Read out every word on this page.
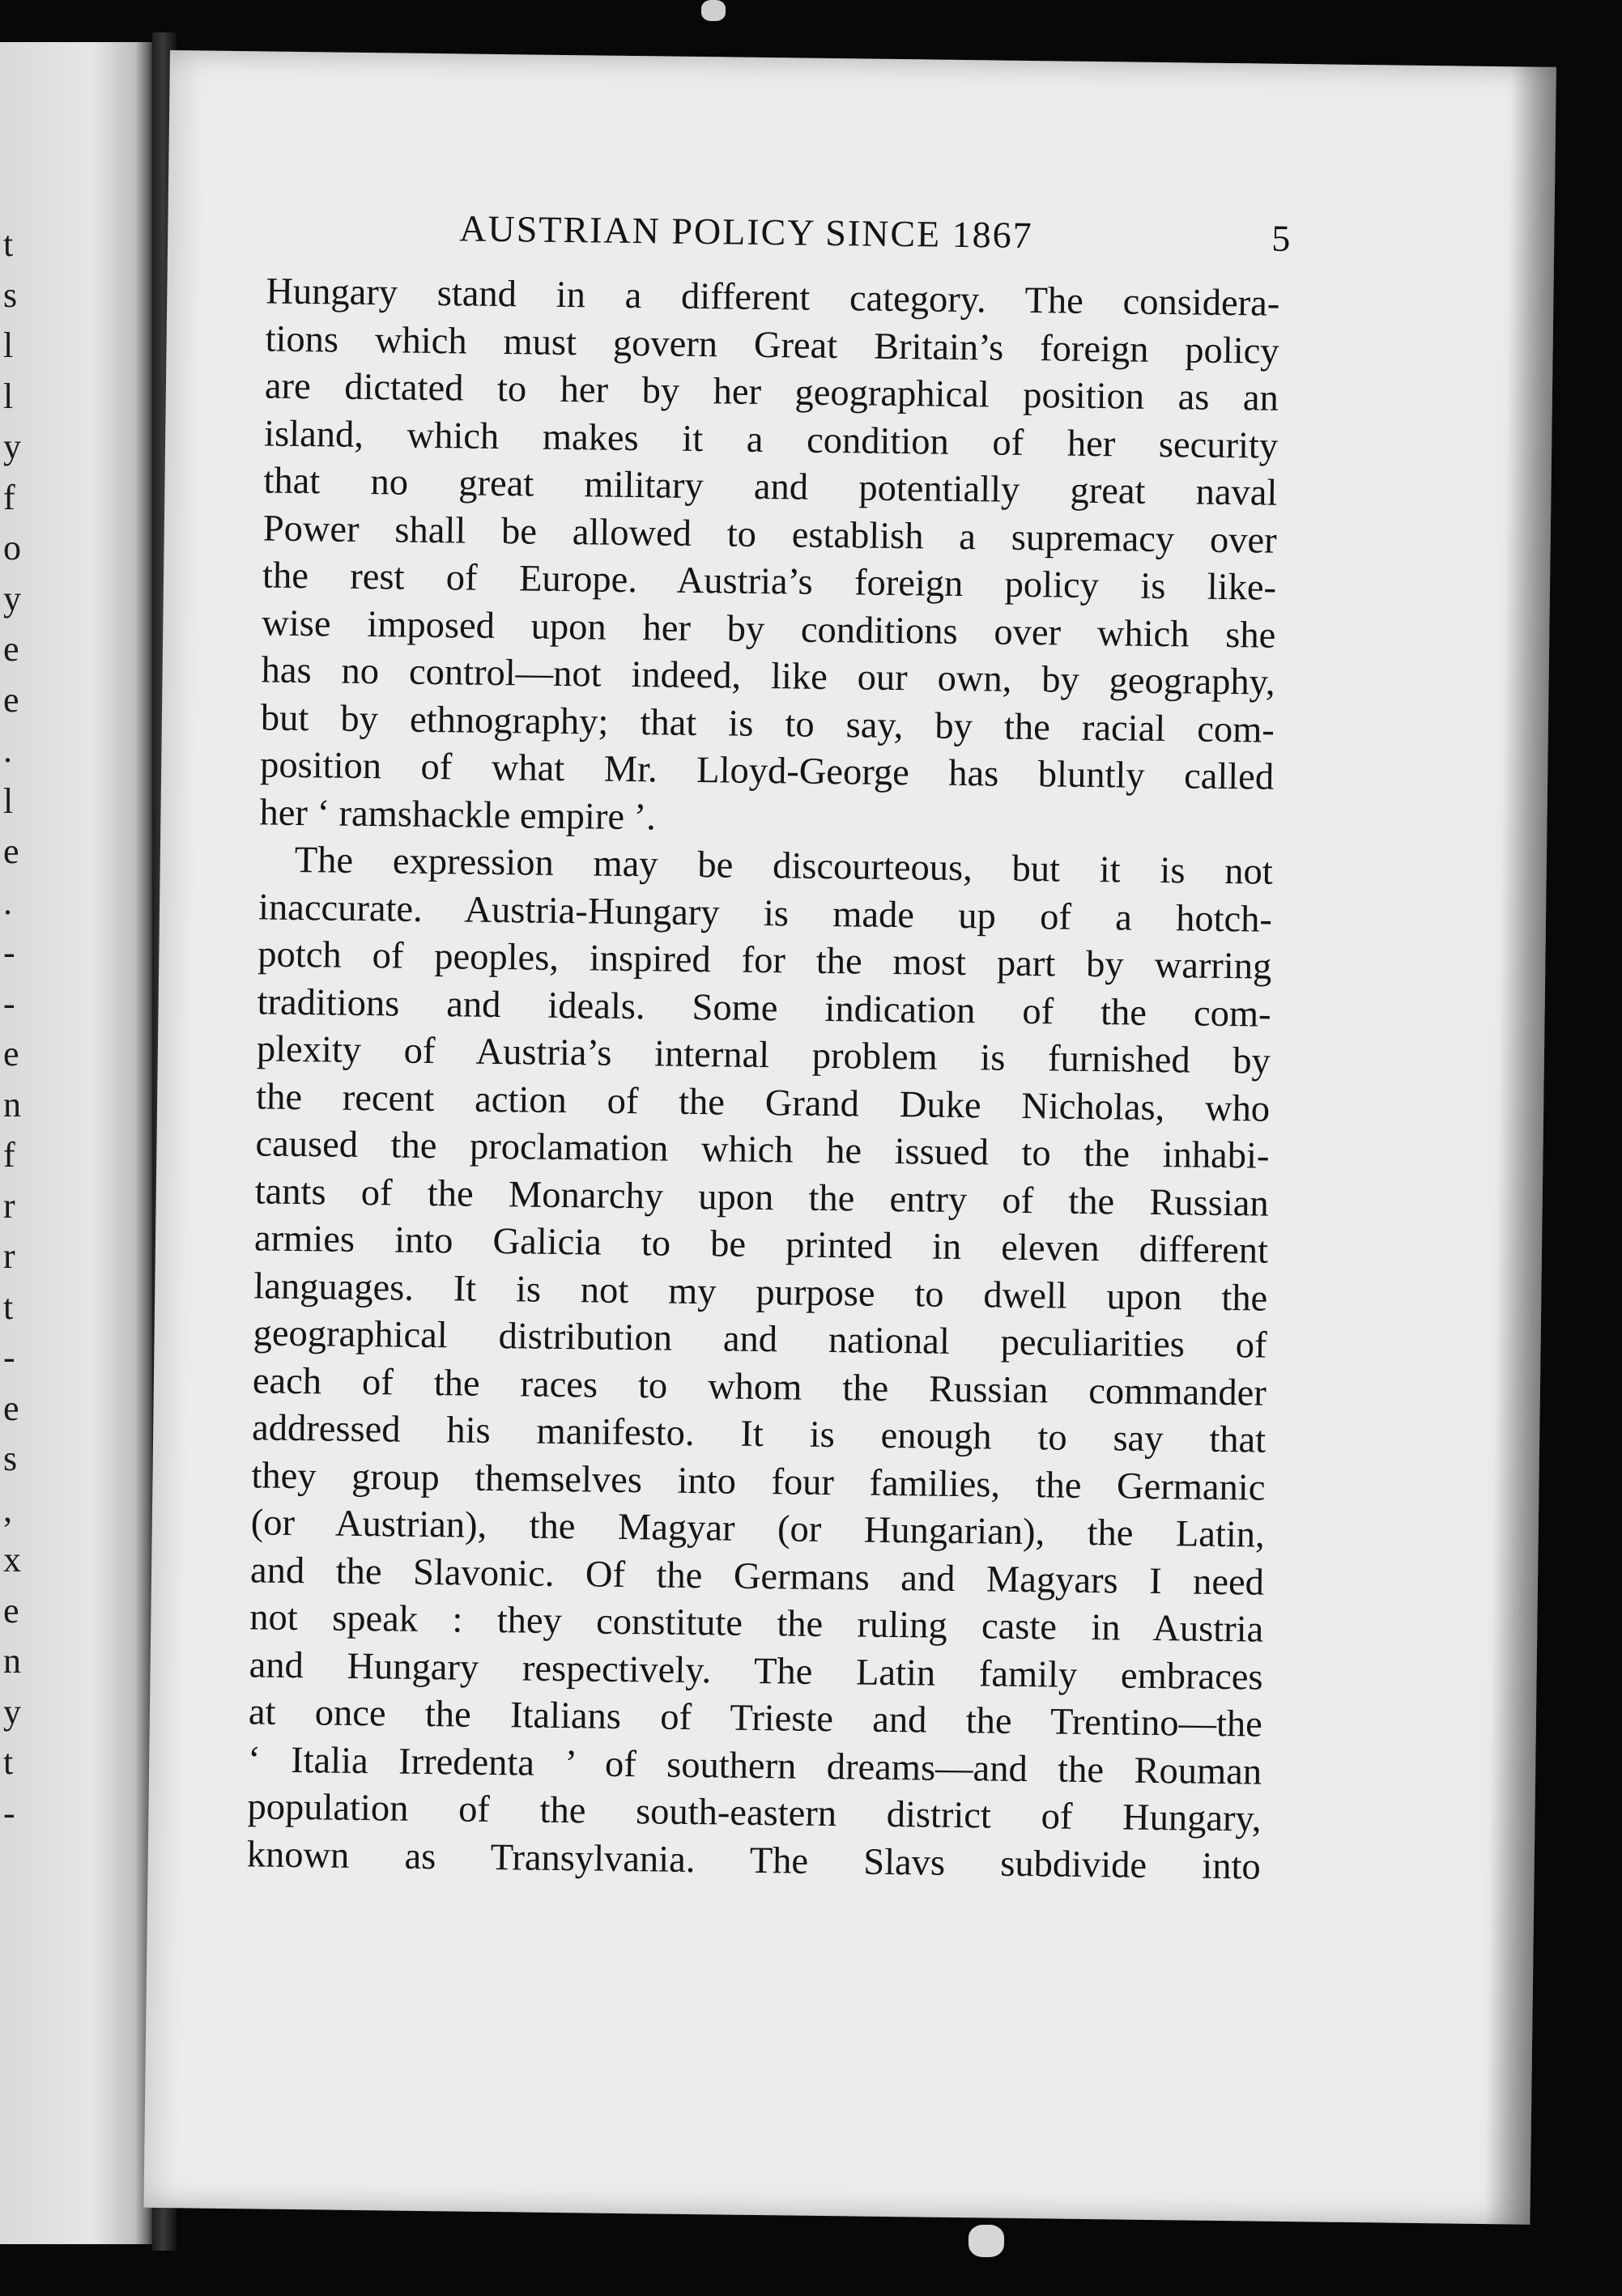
t
s
l
l
y
f
o
y
e
e
.
l
e
.
-
-
e
n
f
r
r
t
-
e
s
,
x
e
n
y
t
-
AUSTRIAN POLICY SINCE 1867	5
Hungary stand in a different category. The considera-
tions which must govern Great Britain’s foreign policy
are dictated to her by her geographical position as an
island, which makes it a condition of her security
that no great military and potentially great naval
Power shall be allowed to establish a supremacy over
the rest of Europe. Austria’s foreign policy is like-
wise imposed upon her by conditions over which she
has no control—not indeed, like our own, by geography,
but by ethnography; that is to say, by the racial com-
position of what Mr. Lloyd-George has bluntly called
her ‘ ramshackle empire ’.
The expression may be discourteous, but it is not
inaccurate. Austria-Hungary is made up of a hotch-
potch of peoples, inspired for the most part by warring
traditions and ideals. Some indication of the com-
plexity of Austria’s internal problem is furnished by
the recent action of the Grand Duke Nicholas, who
caused the proclamation which he issued to the inhabi-
tants of the Monarchy upon the entry of the Russian
armies into Galicia to be printed in eleven different
languages. It is not my purpose to dwell upon the
geographical distribution and national peculiarities of
each of the races to whom the Russian commander
addressed his manifesto. It is enough to say that
they group themselves into four families, the Germanic
(or Austrian), the Magyar (or Hungarian), the Latin,
and the Slavonic. Of the Germans and Magyars I need
not speak : they constitute the ruling caste in Austria
and Hungary respectively. The Latin family embraces
at once the Italians of Trieste and the Trentino—the
‘ Italia Irredenta ’ of southern dreams—and the Rouman
population of the south-eastern district of Hungary,
known as Transylvania. The Slavs subdivide into
